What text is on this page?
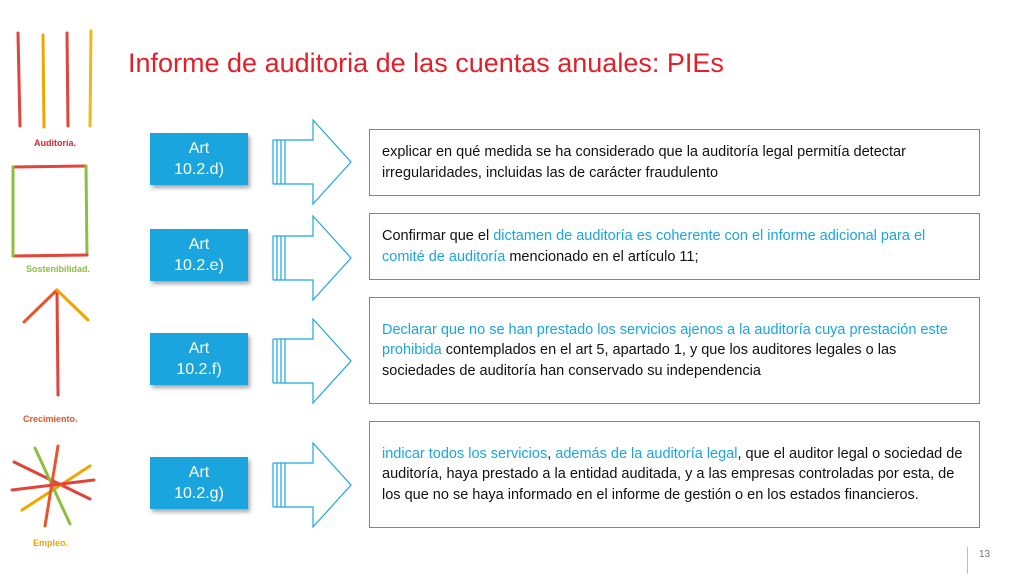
Auditoría.
Sostenibilidad.
Crecimiento.
Empleo.
Informe de auditoria de las cuentas anuales: PIEs
Art
10.2.d)
explicar en qué medida se ha considerado que la auditoría legal permitía detectar irregularidades, incluidas las de carácter fraudulento
Art
10.2.e)
Confirmar que el dictamen de auditoría es coherente con el informe adicional para el comité de auditoría mencionado en el artículo 11;
Art
10.2.f)
Declarar que no se han prestado los servicios ajenos a la auditoría cuya prestación este prohibida contemplados en el art 5, apartado 1, y que los auditores legales o las sociedades de auditoría han conservado su independencia
Art
10.2.g)
indicar todos los servicios, además de la auditoría legal, que el auditor legal o sociedad de auditoría, haya prestado a la entidad auditada, y a las empresas controladas por esta, de los que no se haya informado en el informe de gestión o en los estados financieros.
13
